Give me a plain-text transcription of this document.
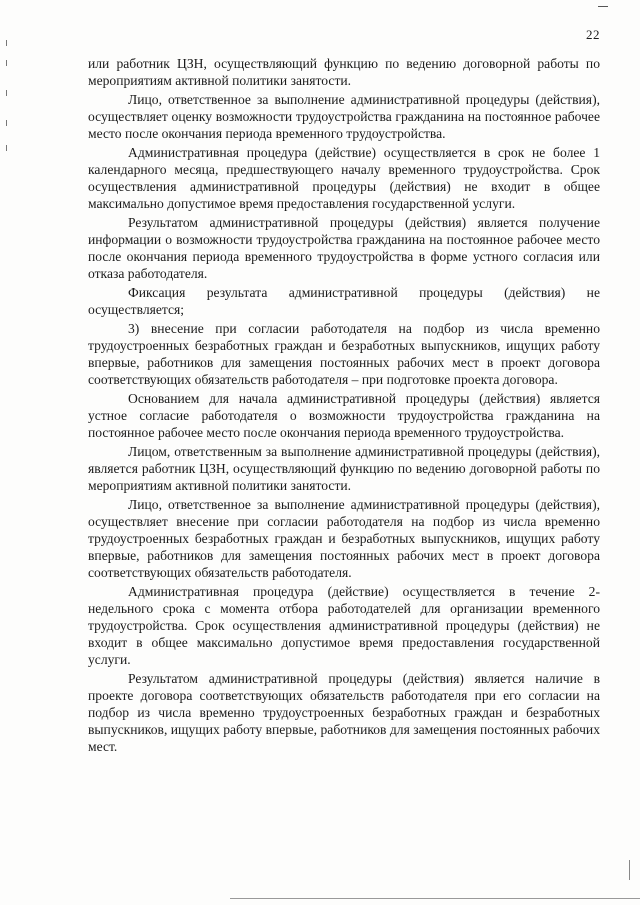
22

или работник ЦЗН, осуществляющий функцию по ведению договорной работы по мероприятиям активной политики занятости.

Лицо, ответственное за выполнение административной процедуры (действия), осуществляет оценку возможности трудоустройства гражданина на постоянное рабочее место после окончания периода временного трудоустройства.

Административная процедура (действие) осуществляется в срок не более 1 календарного месяца, предшествующего началу временного трудоустройства. Срок осуществления административной процедуры (действия) не входит в общее максимально допустимое время предоставления государственной услуги.

Результатом административной процедуры (действия) является получение информации о возможности трудоустройства гражданина на постоянное рабочее место после окончания периода временного трудоустройства в форме устного согласия или отказа работодателя.

Фиксация результата административной процедуры (действия) не осуществляется;

3) внесение при согласии работодателя на подбор из числа временно трудоустроенных безработных граждан и безработных выпускников, ищущих работу впервые, работников для замещения постоянных рабочих мест в проект договора соответствующих обязательств работодателя – при подготовке проекта договора.

Основанием для начала административной процедуры (действия) является устное согласие работодателя о возможности трудоустройства гражданина на постоянное рабочее место после окончания периода временного трудоустройства.

Лицом, ответственным за выполнение административной процедуры (действия), является работник ЦЗН, осуществляющий функцию по ведению договорной работы по мероприятиям активной политики занятости.

Лицо, ответственное за выполнение административной процедуры (действия), осуществляет внесение при согласии работодателя на подбор из числа временно трудоустроенных безработных граждан и безработных выпускников, ищущих работу впервые, работников для замещения постоянных рабочих мест в проект договора соответствующих обязательств работодателя.

Административная процедура (действие) осуществляется в течение 2-недельного срока с момента отбора работодателей для организации временного трудоустройства. Срок осуществления административной процедуры (действия) не входит в общее максимально допустимое время предоставления государственной услуги.

Результатом административной процедуры (действия) является наличие в проекте договора соответствующих обязательств работодателя при его согласии на подбор из числа временно трудоустроенных безработных граждан и безработных выпускников, ищущих работу впервые, работников для замещения постоянных рабочих мест.
